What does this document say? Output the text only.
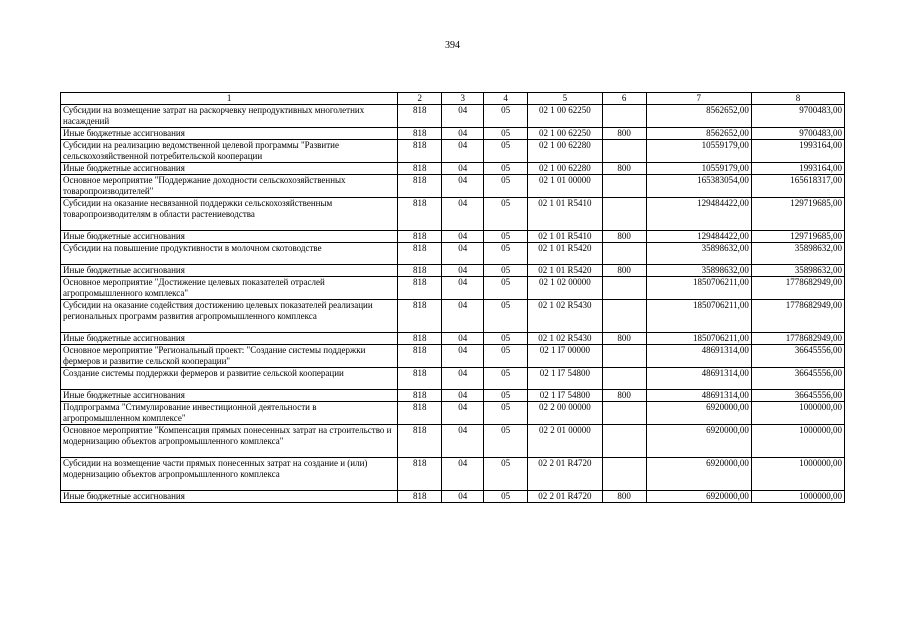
394
1	2	3	4	5	6	7	8
Субсидии на возмещение затрат на раскорчевку непродуктивных многолетних насаждений	818	04	05	02 1 00 62250		8562652,00	9700483,00
Иные бюджетные ассигнования	818	04	05	02 1 00 62250	800	8562652,00	9700483,00
Субсидии на реализацию ведомственной целевой программы "Развитие сельскохозяйственной потребительской кооперации	818	04	05	02 1 00 62280		10559179,00	1993164,00
Иные бюджетные ассигнования	818	04	05	02 1 00 62280	800	10559179,00	1993164,00
Основное мероприятие "Поддержание доходности сельскохозяйственных товаропроизводителей"	818	04	05	02 1 01 00000		165383054,00	165618317,00
Субсидии на оказание несвязанной поддержки сельскохозяйственным товаропроизводителям в области растениеводства	818	04	05	02 1 01 R5410		129484422,00	129719685,00
Иные бюджетные ассигнования	818	04	05	02 1 01 R5410	800	129484422,00	129719685,00
Субсидии на повышение продуктивности в молочном скотоводстве	818	04	05	02 1 01 R5420		35898632,00	35898632,00
Иные бюджетные ассигнования	818	04	05	02 1 01 R5420	800	35898632,00	35898632,00
Основное мероприятие "Достижение целевых показателей отраслей агропромышленного комплекса"	818	04	05	02 1 02 00000		1850706211,00	1778682949,00
Субсидии на оказание содействия достижению целевых показателей реализации региональных программ развития агропромышленного комплекса	818	04	05	02 1 02 R5430		1850706211,00	1778682949,00
Иные бюджетные ассигнования	818	04	05	02 1 02 R5430	800	1850706211,00	1778682949,00
Основное мероприятие "Региональный проект: "Создание системы поддержки фермеров и развитие сельской кооперации"	818	04	05	02 1 I7 00000		48691314,00	36645556,00
Создание системы поддержки фермеров и развитие сельской кооперации	818	04	05	02 1 I7 54800		48691314,00	36645556,00
Иные бюджетные ассигнования	818	04	05	02 1 I7 54800	800	48691314,00	36645556,00
Подпрограмма "Стимулирование инвестиционной деятельности в агропромышленном комплексе"	818	04	05	02 2 00 00000		6920000,00	1000000,00
Основное мероприятие "Компенсация прямых понесенных затрат на строительство и модернизацию объектов агропромышленного комплекса"	818	04	05	02 2 01 00000		6920000,00	1000000,00
Субсидии на возмещение части прямых понесенных затрат на создание и (или) модернизацию объектов агропромышленного комплекса	818	04	05	02 2 01 R4720		6920000,00	1000000,00
Иные бюджетные ассигнования	818	04	05	02 2 01 R4720	800	6920000,00	1000000,00
